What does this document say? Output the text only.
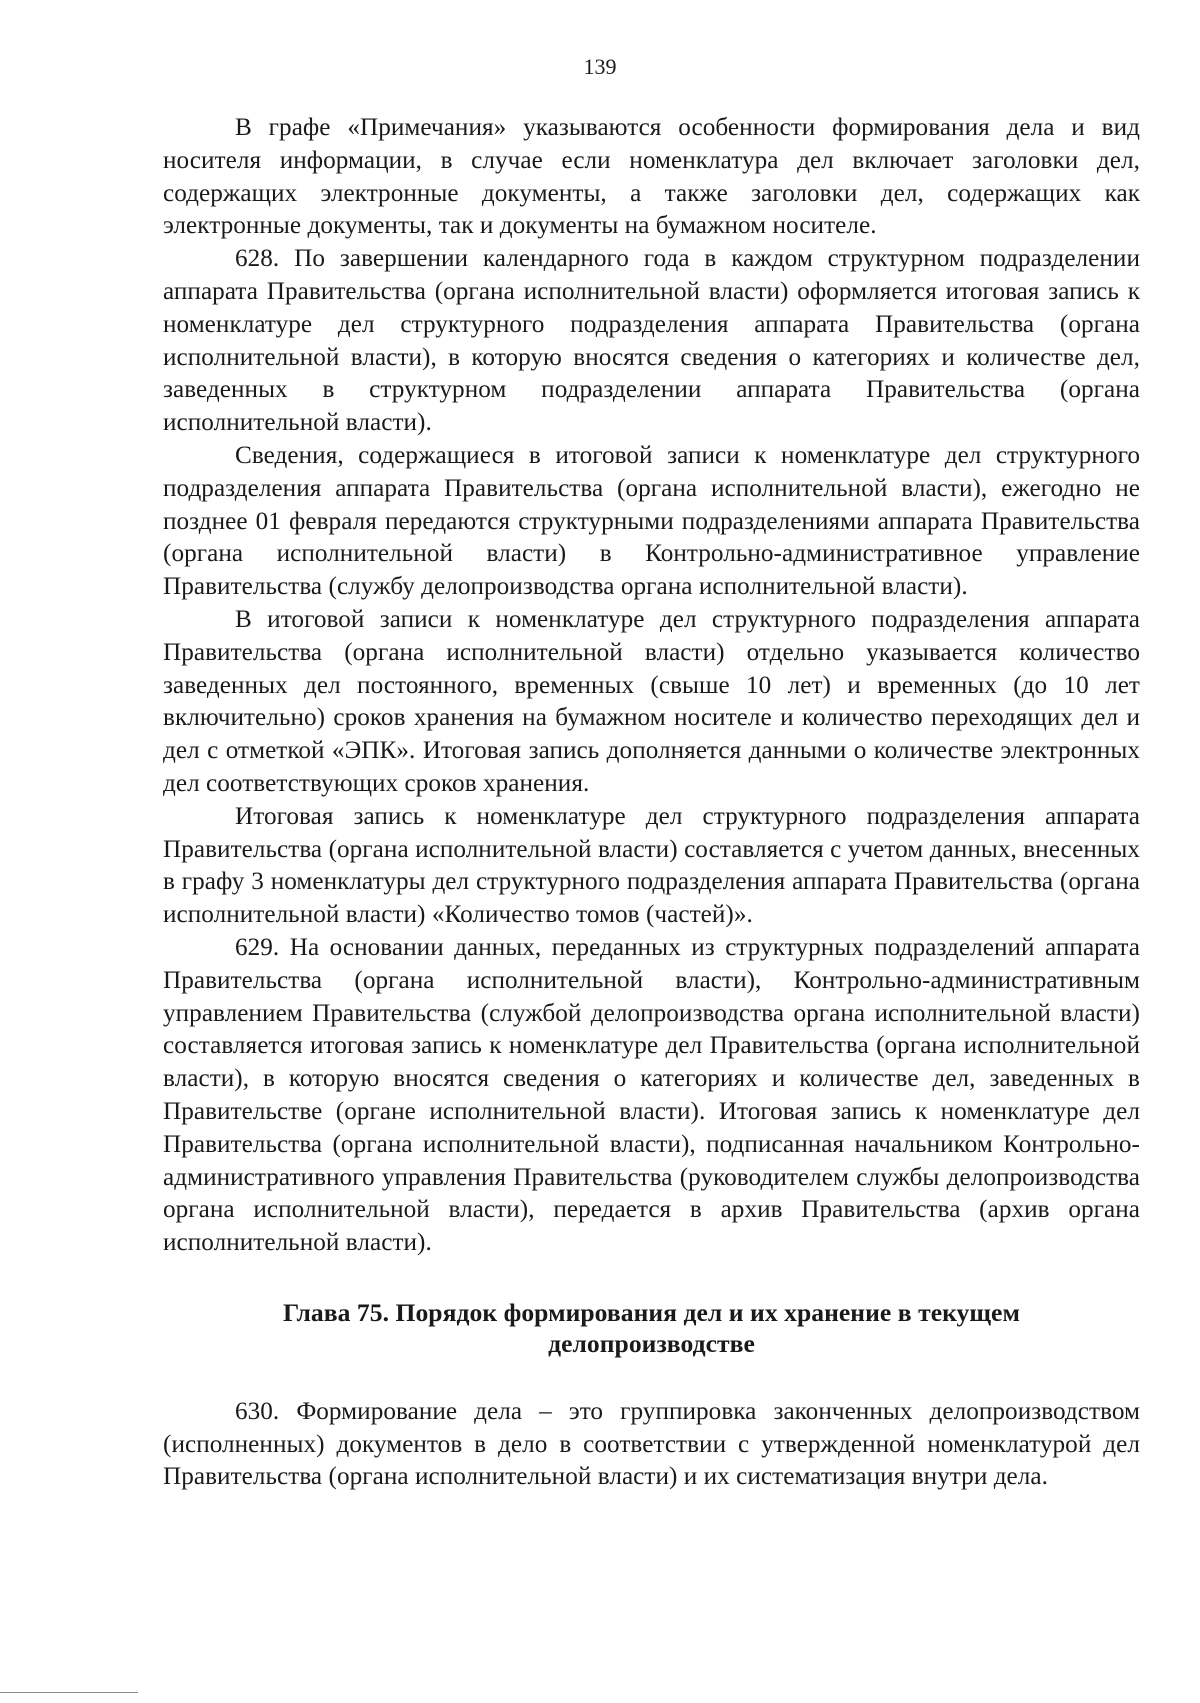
139

В графе «Примечания» указываются особенности формирования дела и вид носителя информации, в случае если номенклатура дел включает заголовки дел, содержащих электронные документы, а также заголовки дел, содержащих как электронные документы, так и документы на бумажном носителе.

628. По завершении календарного года в каждом структурном подразделении аппарата Правительства (органа исполнительной власти) оформляется итоговая запись к номенклатуре дел структурного подразделения аппарата Правительства (органа исполнительной власти), в которую вносятся сведения о категориях и количестве дел, заведенных в структурном подразделении аппарата Правительства (органа исполнительной власти).

Сведения, содержащиеся в итоговой записи к номенклатуре дел структурного подразделения аппарата Правительства (органа исполнительной власти), ежегодно не позднее 01 февраля передаются структурными подразделениями аппарата Правительства (органа исполнительной власти) в Контрольно-административное управление Правительства (службу делопроизводства органа исполнительной власти).

В итоговой записи к номенклатуре дел структурного подразделения аппарата Правительства (органа исполнительной власти) отдельно указывается количество заведенных дел постоянного, временных (свыше 10 лет) и временных (до 10 лет включительно) сроков хранения на бумажном носителе и количество переходящих дел и дел с отметкой «ЭПК». Итоговая запись дополняется данными о количестве электронных дел соответствующих сроков хранения.

Итоговая запись к номенклатуре дел структурного подразделения аппарата Правительства (органа исполнительной власти) составляется с учетом данных, внесенных в графу 3 номенклатуры дел структурного подразделения аппарата Правительства (органа исполнительной власти) «Количество томов (частей)».

629. На основании данных, переданных из структурных подразделений аппарата Правительства (органа исполнительной власти), Контрольно-административным управлением Правительства (службой делопроизводства органа исполнительной власти) составляется итоговая запись к номенклатуре дел Правительства (органа исполнительной власти), в которую вносятся сведения о категориях и количестве дел, заведенных в Правительстве (органе исполнительной власти). Итоговая запись к номенклатуре дел Правительства (органа исполнительной власти), подписанная начальником Контрольно-административного управления Правительства (руководителем службы делопроизводства органа исполнительной власти), передается в архив Правительства (архив органа исполнительной власти).

Глава 75. Порядок формирования дел и их хранение в текущем
делопроизводстве

630. Формирование дела – это группировка законченных делопроизводством (исполненных) документов в дело в соответствии с утвержденной номенклатурой дел Правительства (органа исполнительной власти) и их систематизация внутри дела.
